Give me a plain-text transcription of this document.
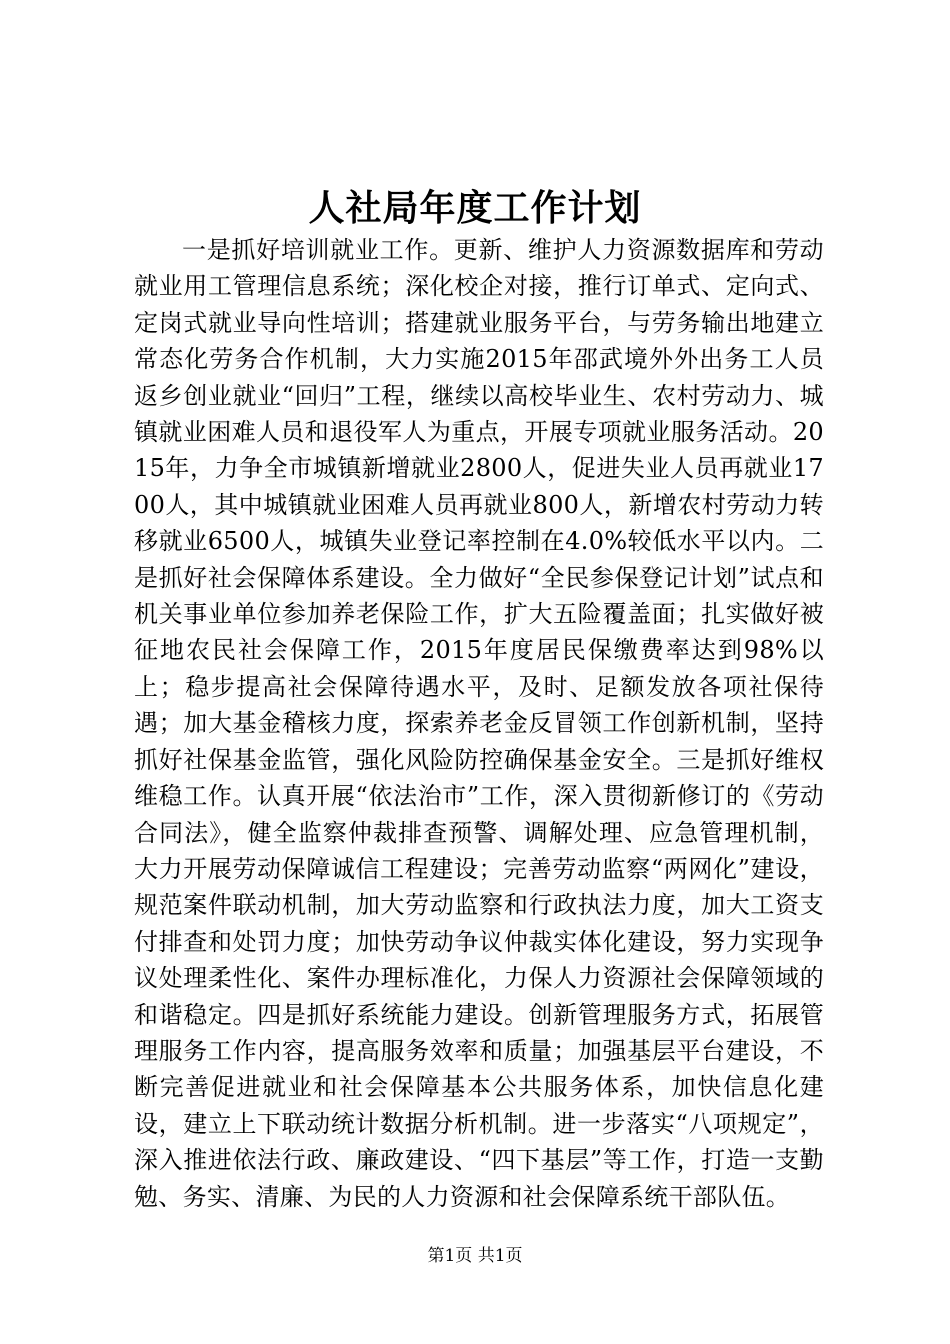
人社局年度工作计划

一是抓好培训就业工作。更新、维护人力资源数据库和劳动就业用工管理信息系统；深化校企对接，推行订单式、定向式、定岗式就业导向性培训；搭建就业服务平台，与劳务输出地建立常态化劳务合作机制，大力实施2015年邵武境外外出务工人员返乡创业就业“回归”工程，继续以高校毕业生、农村劳动力、城镇就业困难人员和退役军人为重点，开展专项就业服务活动。2015年，力争全市城镇新增就业2800人，促进失业人员再就业1700人，其中城镇就业困难人员再就业800人，新增农村劳动力转移就业6500人，城镇失业登记率控制在4.0%较低水平以内。二是抓好社会保障体系建设。全力做好“全民参保登记计划”试点和机关事业单位参加养老保险工作，扩大五险覆盖面；扎实做好被征地农民社会保障工作，2015年度居民保缴费率达到98%以上；稳步提高社会保障待遇水平，及时、足额发放各项社保待遇；加大基金稽核力度，探索养老金反冒领工作创新机制，坚持抓好社保基金监管，强化风险防控确保基金安全。三是抓好维权维稳工作。认真开展“依法治市”工作，深入贯彻新修订的《劳动合同法》，健全监察仲裁排查预警、调解处理、应急管理机制，大力开展劳动保障诚信工程建设；完善劳动监察“两网化”建设，规范案件联动机制，加大劳动监察和行政执法力度，加大工资支付排查和处罚力度；加快劳动争议仲裁实体化建设，努力实现争议处理柔性化、案件办理标准化，力保人力资源社会保障领域的和谐稳定。四是抓好系统能力建设。创新管理服务方式，拓展管理服务工作内容，提高服务效率和质量；加强基层平台建设，不断完善促进就业和社会保障基本公共服务体系，加快信息化建设，建立上下联动统计数据分析机制。进一步落实“八项规定”，深入推进依法行政、廉政建设、“四下基层”等工作，打造一支勤勉、务实、清廉、为民的人力资源和社会保障系统干部队伍。

第1页 共1页
